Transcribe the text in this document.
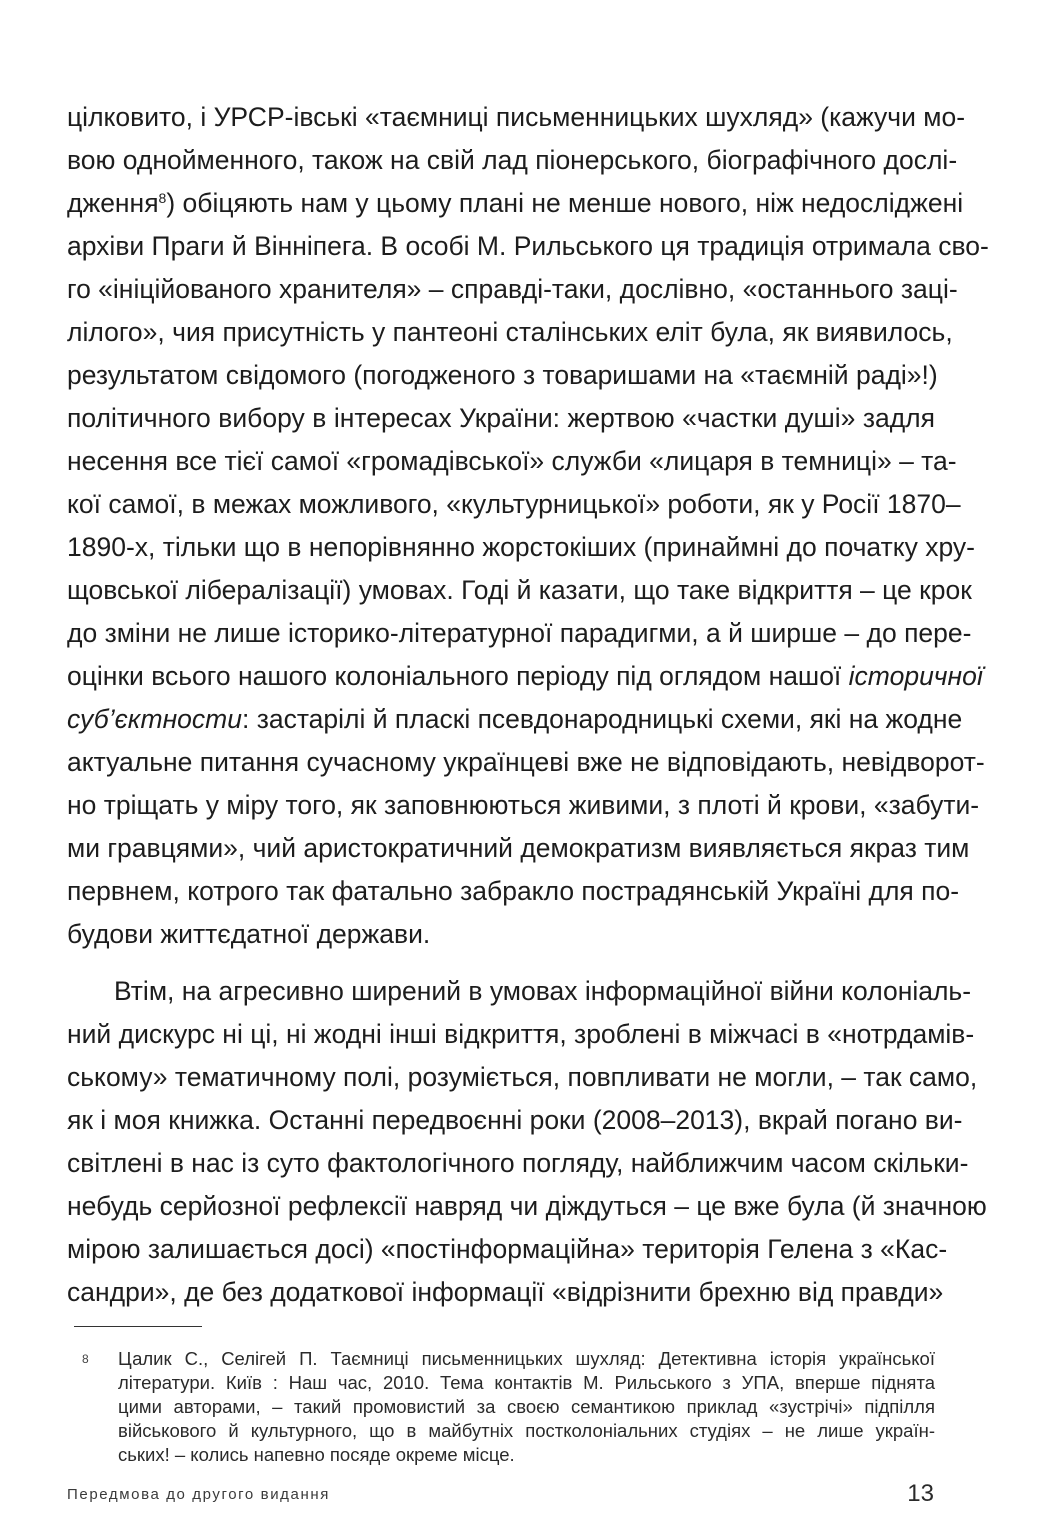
цілковито, і УРСР-івські «таємниці письменницьких шухляд» (кажучи мо-
вою однойменного, також на свій лад піонерського, біографічного дослі-
дження$^8$) обіцяють нам у цьому плані не менше нового, ніж недосліджені
архіви Праги й Вінніпега. В особі М. Рильського ця традиція отримала сво-
го «ініційованого хранителя» – справді-таки, дослівно, «останнього заці-
лілого», чия присутність у пантеоні сталінських еліт була, як виявилось,
результатом свідомого (погодженого з товаришами на «таємній раді»!)
політичного вибору в інтересах України: жертвою «частки душі» задля
несення все тієї самої «громадівської» служби «лицаря в темниці» – та-
кої самої, в межах можливого, «культурницької» роботи, як у Росії 1870–
1890-х, тільки що в непорівнянно жорстокіших (принаймні до початку хру-
щовської лібералізації) умовах. Годі й казати, що таке відкриття – це крок
до зміни не лише історико-літературної парадигми, а й ширше – до пере-
оцінки всього нашого колоніального періоду під оглядом нашої історичної
суб’єктности: застарілі й пласкі псевдонародницькі схеми, які на жодне
актуальне питання сучасному українцеві вже не відповідають, невідворот-
но тріщать у міру того, як заповнюються живими, з плоті й крови, «забути-
ми гравцями», чий аристократичний демократизм виявляється якраз тим
первнем, котрого так фатально забракло пострадянській Україні для по-
будови життєдатної держави.
Втім, на агресивно ширений в умовах інформаційної війни колоніаль-
ний дискурс ні ці, ні жодні інші відкриття, зроблені в міжчасі в «нотрдамів-
ському» тематичному полі, розуміється, повпливати не могли, – так само,
як і моя книжка. Останні передвоєнні роки (2008–2013), вкрай погано ви-
світлені в нас із суто фактологічного погляду, найближчим часом скільки-
небудь серйозної рефлексії навряд чи діждуться – це вже була (й значною
мірою залишається досі) «постінформаційна» територія Гелена з «Кас-
сандри», де без додаткової інформації «відрізнити брехню від правди»
8 Цалик С., Селігей П. Таємниці письменницьких шухляд: Детективна історія української
літератури. Київ : Наш час, 2010. Тема контактів М. Рильського з УПА, вперше піднята
цими авторами, – такий промовистий за своєю семантикою приклад «зустрічі» підпілля
військового й культурного, що в майбутніх постколоніальних студіях – не лише україн-
ських! – колись напевно посяде окреме місце.
Передмова до другого видання	13
